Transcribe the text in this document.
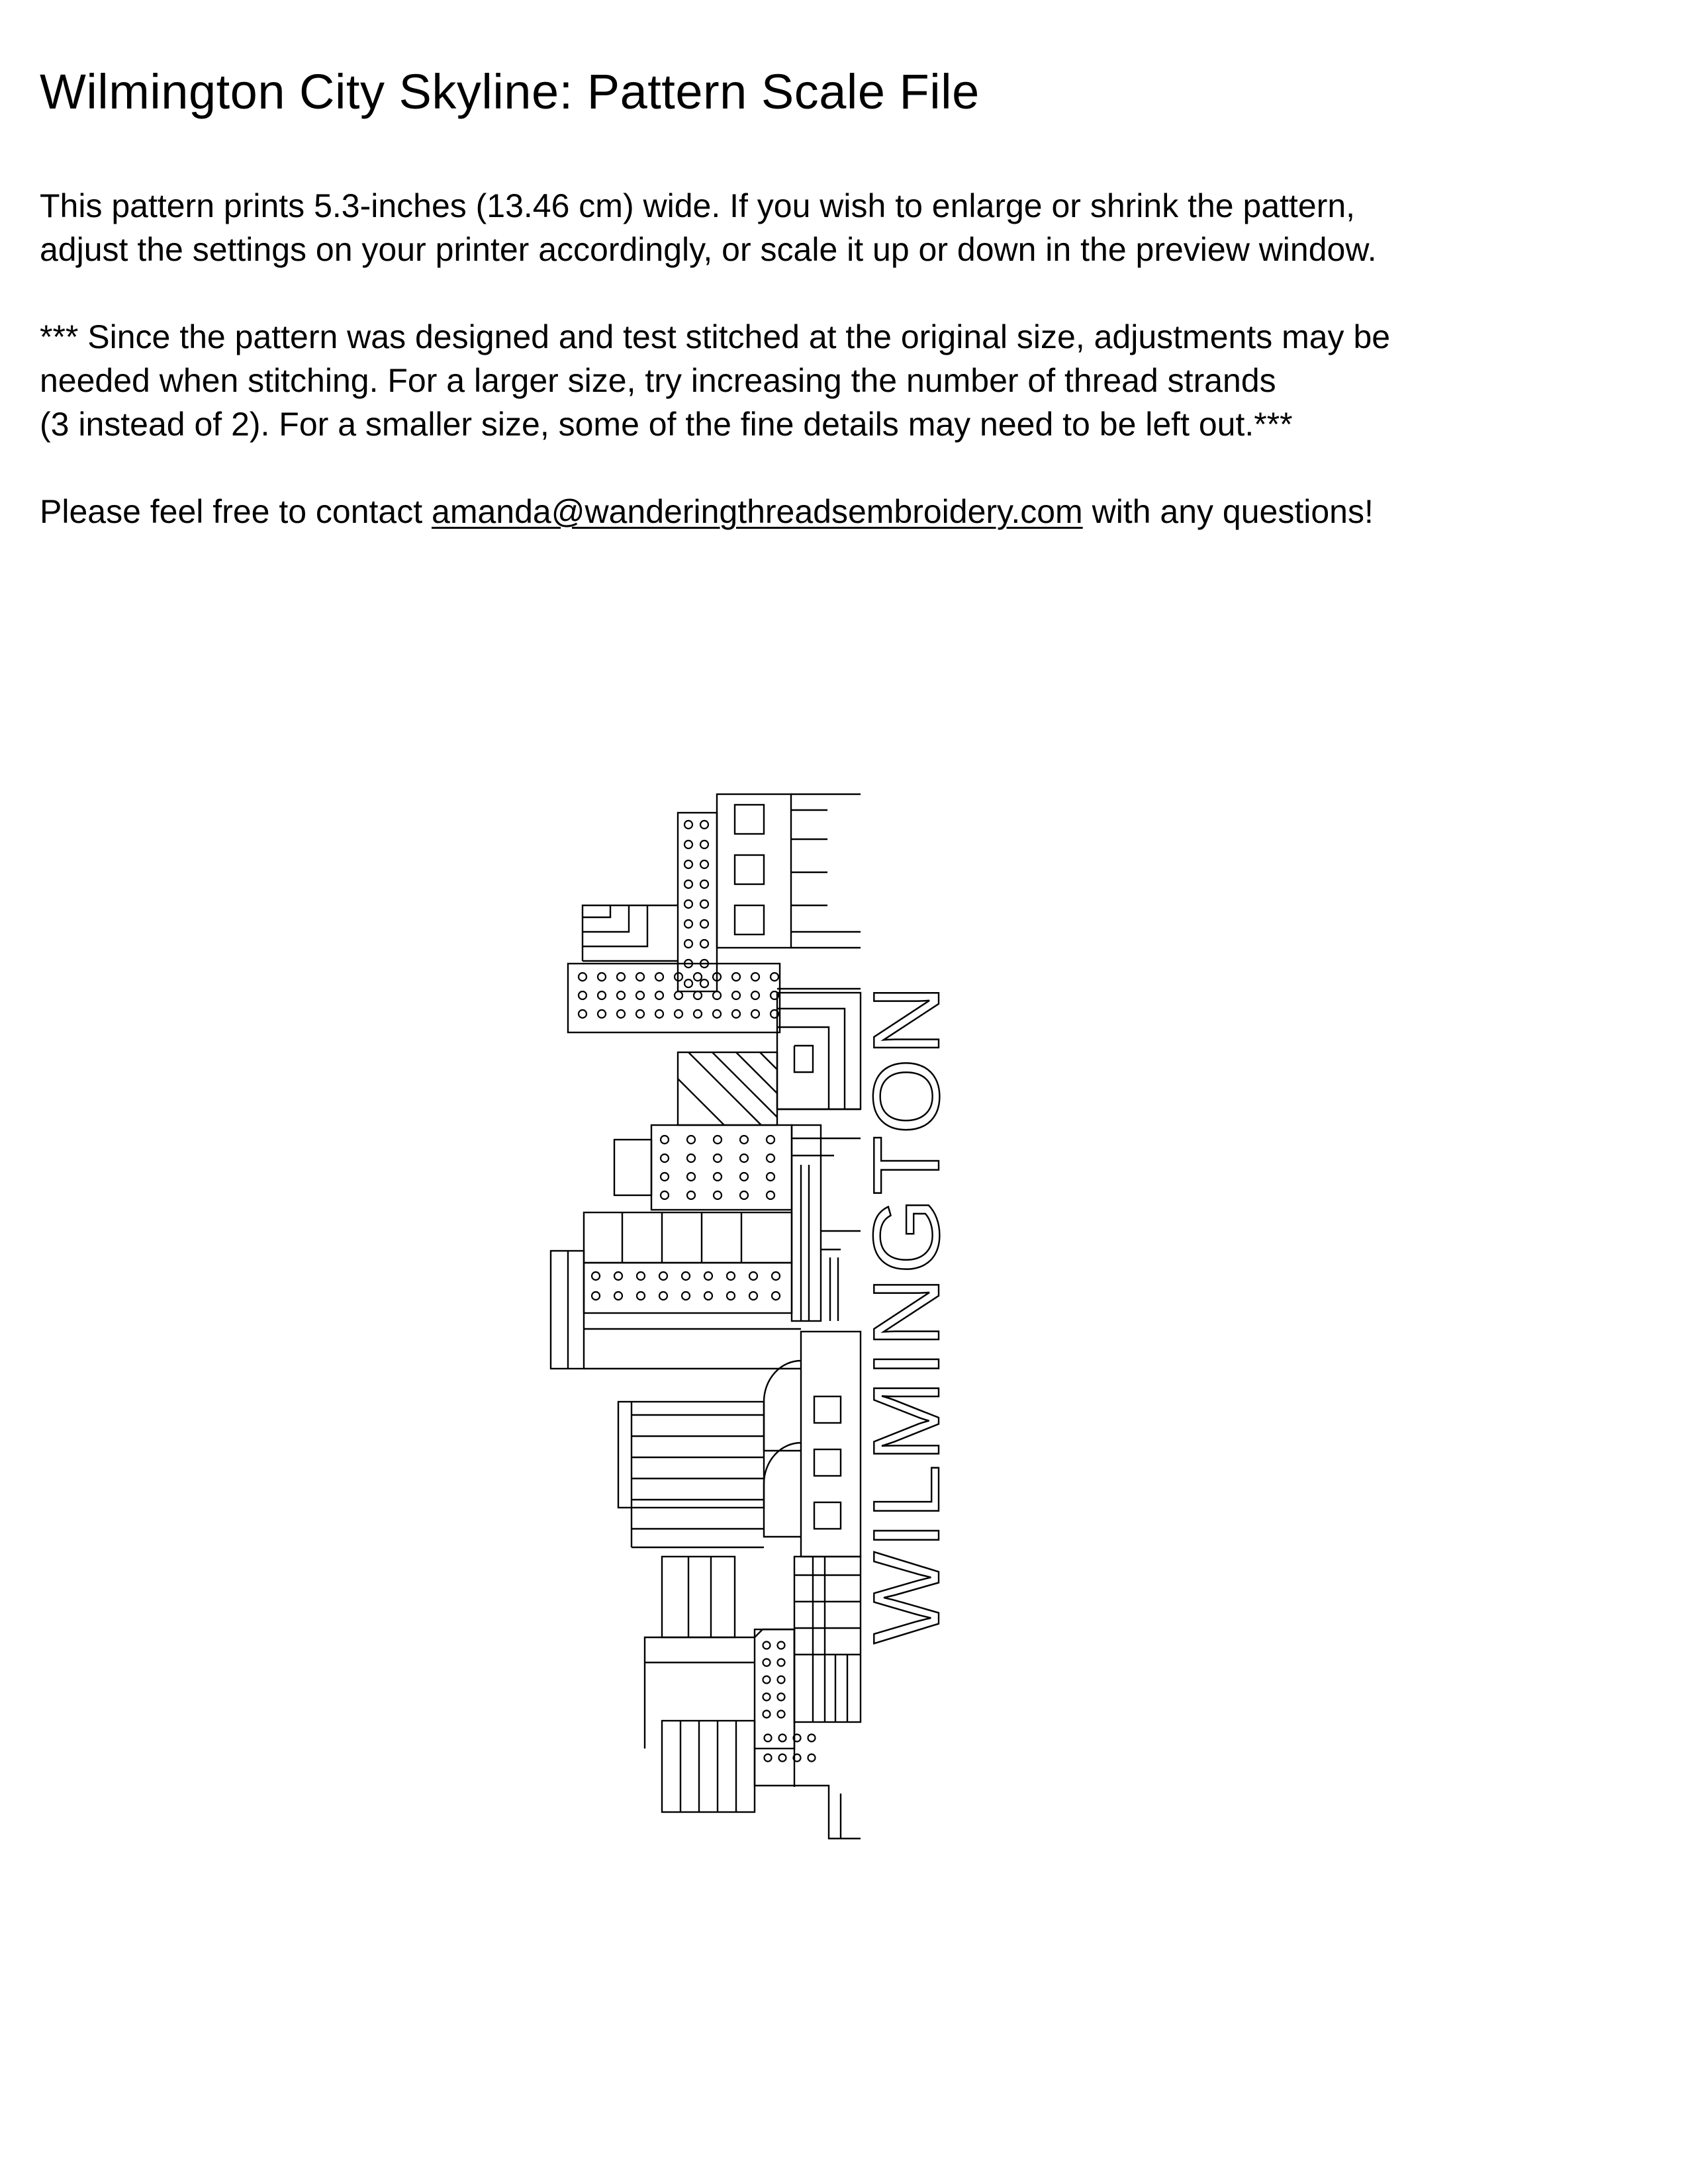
Wilmington City Skyline: Pattern Scale File

This pattern prints 5.3-inches (13.46 cm) wide. If you wish to enlarge or shrink the pattern,
adjust the settings on your printer accordingly, or scale it up or down in the preview window.

*** Since the pattern was designed and test stitched at the original size, adjustments may be
needed when stitching. For a larger size, try increasing the number of thread strands
(3 instead of 2). For a smaller size, some of the fine details may need to be left out.***

Please feel free to contact amanda@wanderingthreadsembroidery.com with any questions!

WILMINGTON
